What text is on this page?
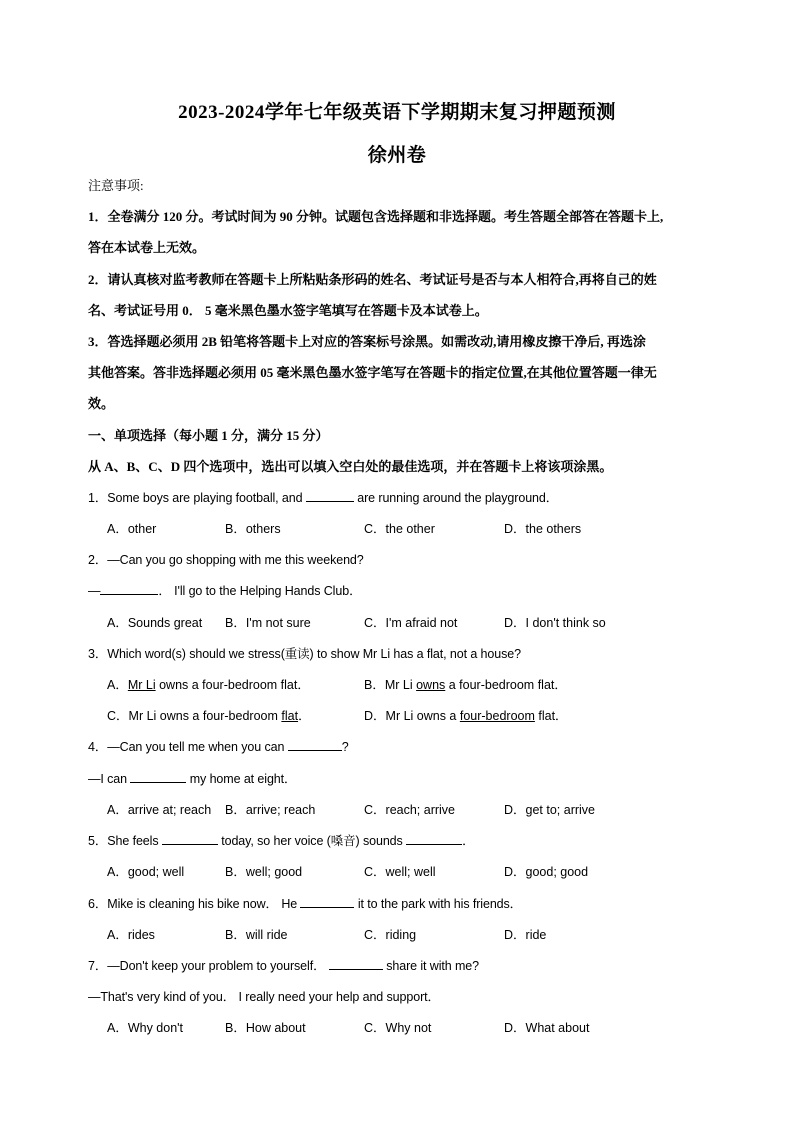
2023-2024学年七年级英语下学期期末复习押题预测
徐州卷
注意事项:
1．全卷满分 120 分。考试时间为 90 分钟。试题包含选择题和非选择题。考生答题全部答在答题卡上,
答在本试卷上无效。
2．请认真核对监考教师在答题卡上所粘贴条形码的姓名、考试证号是否与本人相符合,再将自己的姓
名、考试证号用 0． 5 毫米黑色墨水签字笔填写在答题卡及本试卷上。
3．答选择题必须用 2B 铅笔将答题卡上对应的答案标号涂黑。如需改动,请用橡皮擦干净后, 再选涂
其他答案。答非选择题必须用 05 毫米黑色墨水签字笔写在答题卡的指定位置,在其他位置答题一律无
效。
一、单项选择（每小题 1 分，满分 15 分）
从 A、B、C、D 四个选项中，选出可以填入空白处的最佳选项，并在答题卡上将该项涂黑。
1．Some boys are playing football, and	are running around the playground．
A．other	B．others	C．the other	D．the others
2．—Can you go shopping with me this weekend?
—	． I'll go to the Helping Hands Club．
A．Sounds great B．I'm not sure	C．I'm afraid not	D．I don't think so
3．Which word(s) should we stress(重读) to show Mr Li has a flat, not a house?
A．Mr Li owns a four-bedroom flat．	B．Mr Li owns a four-bedroom flat．
C．Mr Li owns a four-bedroom flat．	D．Mr Li owns a four-bedroom flat．
4．—Can you tell me when you can	?
—I can	my home at eight．
A．arrive at; reach B．arrive; reach	C．reach; arrive	D．get to; arrive
5．She feels	today, so her voice (嗓音) sounds	．
A．good; well	B．well; good	C．well; well	D．good; good
6．Mike is cleaning his bike now． He	it to the park with his friends．
A．rides	B．will ride	C．riding	D．ride
7．—Don't keep your problem to yourself．	share it with me?
—That's very kind of you． I really need your help and support．
A．Why don't	B．How about	C．Why not	D．What about
